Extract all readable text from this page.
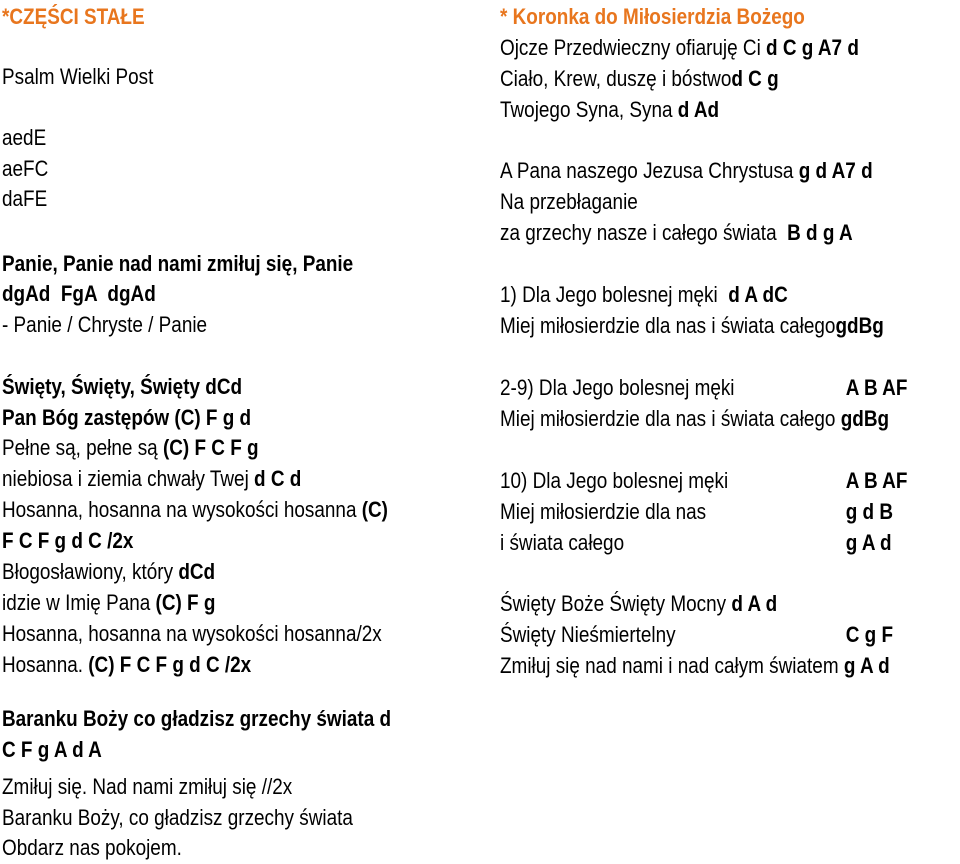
*CZĘŚCI STAŁE
Psalm Wielki Post
aedE
aeFC
daFE
Panie, Panie nad nami zmiłuj się, Panie
dgAd  FgA  dgAd
- Panie / Chryste / Panie
Święty, Święty, Święty dCd
Pan Bóg zastępów (C) F g d
Pełne są, pełne są (C) F C F g
niebiosa i ziemia chwały Twej d C d
Hosanna, hosanna na wysokości hosanna (C)
F C F g d C /2x
Błogosławiony, który dCd
idzie w Imię Pana (C) F g
Hosanna, hosanna na wysokości hosanna/2x
Hosanna. (C) F C F g d C /2x
Baranku Boży co gładzisz grzechy świata d
C F g A d A
Zmiłuj się. Nad nami zmiłuj się //2x
Baranku Boży, co gładzisz grzechy świata
Obdarz nas pokojem.
* Koronka do Miłosierdzia Bożego
Ojcze Przedwieczny ofiaruję Ci d C g A7 d
Ciało, Krew, duszę i bóstwod C g
Twojego Syna, Syna d Ad
A Pana naszego Jezusa Chrystusa g d A7 d
Na przebłaganie
za grzechy nasze i całego świata  B d g A
1) Dla Jego bolesnej męki  d A dC
Miej miłosierdzie dla nas i świata całegogdBg
2-9) Dla Jego bolesnej męki	A B AF
Miej miłosierdzie dla nas i świata całego gdBg
10) Dla Jego bolesnej męki	A B AF
Miej miłosierdzie dla nas	g d B
i świata całego	g A d
Święty Boże Święty Mocny d A d
Święty Nieśmiertelny	C g F
Zmiłuj się nad nami i nad całym światem g A d
